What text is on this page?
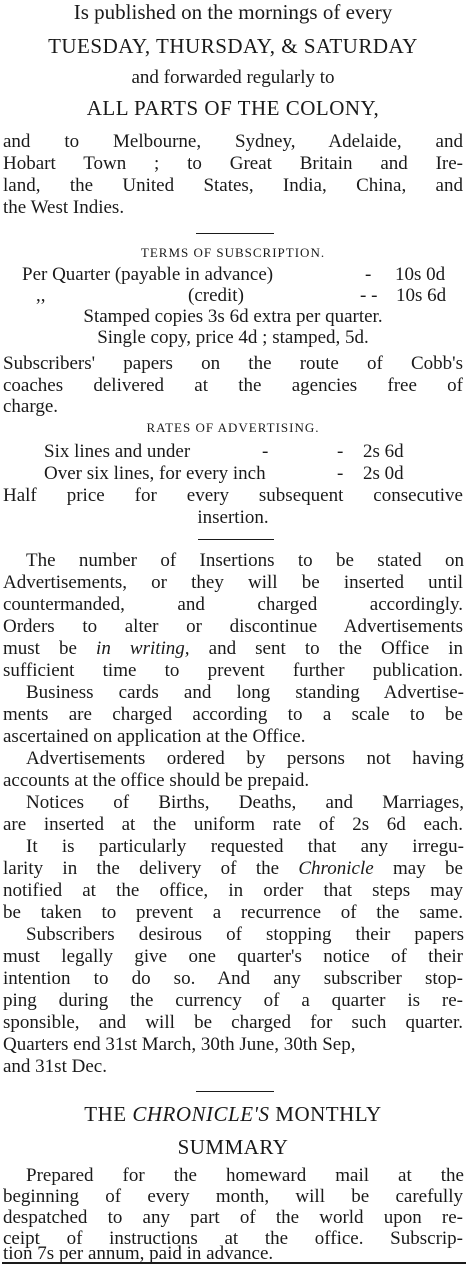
Is published on the mornings of every
TUESDAY, THURSDAY, & SATURDAY
and forwarded regularly to
ALL PARTS OF THE COLONY,
and to Melbourne, Sydney, Adelaide, and
Hobart Town ; to Great Britain and Ire-
land, the United States, India, China, and
the West Indies.
TERMS OF SUBSCRIPTION.
Per Quarter (payable in advance)	- 10s 0d
,,	(credit)	- - 10s 6d
Stamped copies 3s 6d extra per quarter.
Single copy, price 4d ; stamped, 5d.
Subscribers' papers on the route of Cobb's
coaches delivered at the agencies free of
charge.
RATES OF ADVERTISING.
Six lines and under	-	- 2s 6d
Over six lines, for every inch	- 2s 0d
Half price for every subsequent consecutive
insertion.
The number of Insertions to be stated on
Advertisements, or they will be inserted until
countermanded, and charged accordingly.
Orders to alter or discontinue Advertisements
must be in writing, and sent to the Office in
sufficient time to prevent further publication.
Business cards and long standing Advertise-
ments are charged according to a scale to be
ascertained on application at the Office.
Advertisements ordered by persons not having
accounts at the office should be prepaid.
Notices of Births, Deaths, and Marriages,
are inserted at the uniform rate of 2s 6d each.
It is particularly requested that any irregu-
larity in the delivery of the Chronicle may be
notified at the office, in order that steps may
be taken to prevent a recurrence of the same.
Subscribers desirous of stopping their papers
must legally give one quarter's notice of their
intention to do so. And any subscriber stop-
ping during the currency of a quarter is re-
sponsible, and will be charged for such quarter.
Quarters end 31st March, 30th June, 30th Sep,
and 31st Dec.
THE CHRONICLE'S MONTHLY
SUMMARY
Prepared for the homeward mail at the
beginning of every month, will be carefully
despatched to any part of the world upon re-
ceipt of instructions at the office. Subscrip-
tion 7s per annum, paid in advance.
